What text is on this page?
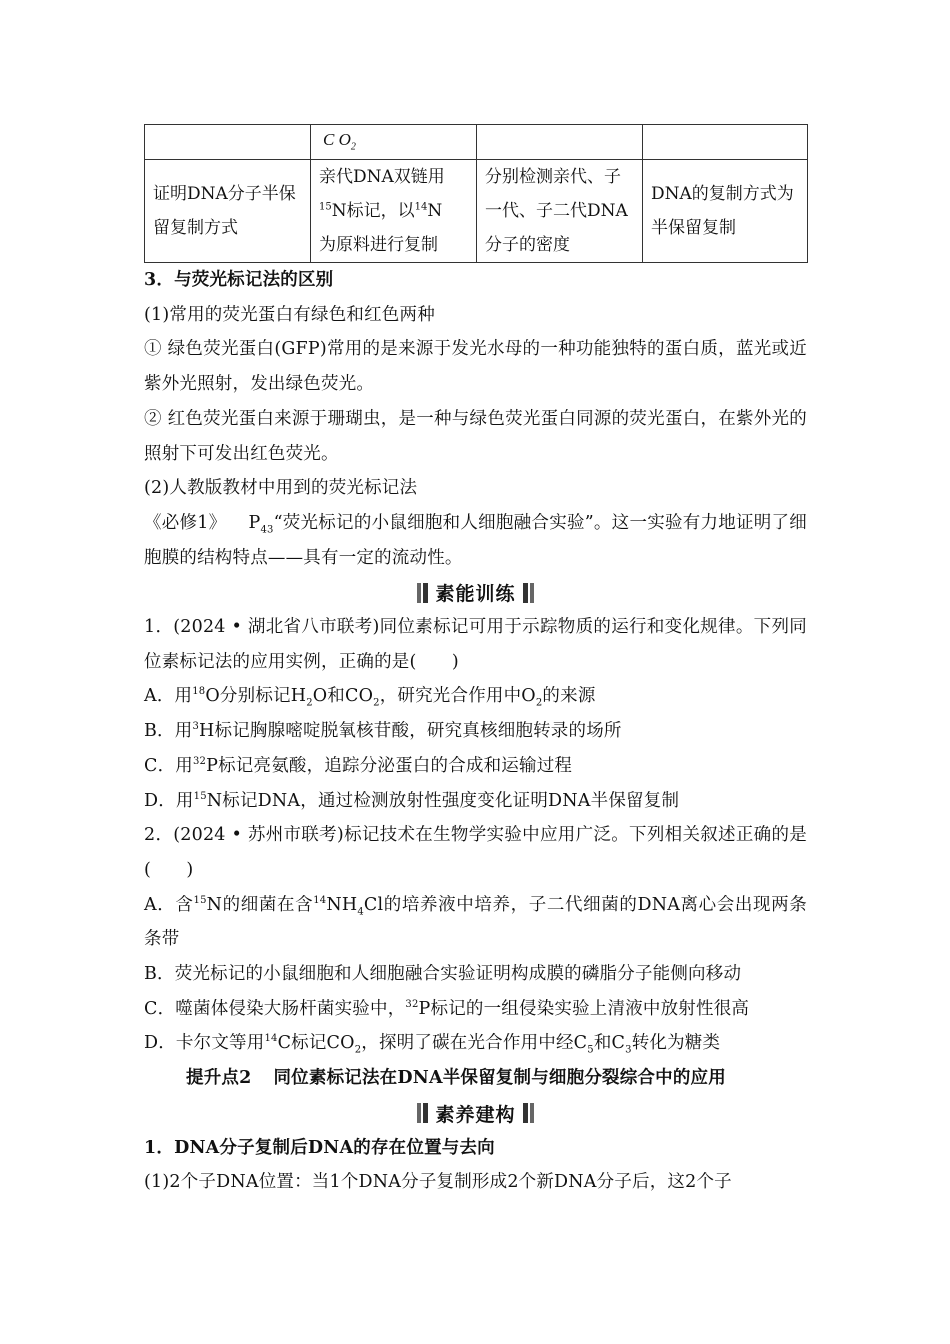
	C $O_2$		
证明DNA分子半保留复制方式	亲代DNA双链用
$^{15}$N标记，以$^{14}$N
为原料进行复制	分别检测亲代、子一代、子二代DNA分子的密度	DNA的复制方式为半保留复制

3．与荧光标记法的区别

(1)常用的荧光蛋白有绿色和红色两种

① 绿色荧光蛋白(GFP)常用的是来源于发光水母的一种功能独特的蛋白质，蓝光或近紫外光照射，发出绿色荧光。

② 红色荧光蛋白来源于珊瑚虫，是一种与绿色荧光蛋白同源的荧光蛋白，在紫外光的照射下可发出红色荧光。

(2)人教版教材中用到的荧光标记法

《必修1》 $P_{43}“$荧光标记的小鼠细胞和人细胞融合实验”。这一实验有力地证明了细胞膜的结构特点——具有一定的流动性。

素能训练

1．(2024 • 湖北省八市联考)同位素标记可用于示踪物质的运行和变化规律。下列同位素标记法的应用实例，正确的是(　　)

A．用$^{18}$O分别标记$H_2O$和$CO_2$，研究光合作用中$O_2$的来源

B．用$^3$H标记胸腺嘧啶脱氧核苷酸，研究真核细胞转录的场所

C．用$^{32}$P标记亮氨酸，追踪分泌蛋白的合成和运输过程

D．用$^{15}$N标记DNA，通过检测放射性强度变化证明DNA半保留复制

2．(2024 • 苏州市联考)标记技术在生物学实验中应用广泛。下列相关叙述正确的是(　　)

A．含$^{15}$N的细菌在含$^{14}NH_4Cl$的培养液中培养，子二代细菌的DNA离心会出现两条条带

B．荧光标记的小鼠细胞和人细胞融合实验证明构成膜的磷脂分子能侧向移动

C．噬菌体侵染大肠杆菌实验中，$^{32}$P标记的一组侵染实验上清液中放射性很高

D．卡尔文等用$^{14}$C标记$CO_2$，探明了碳在光合作用中经$C_5$和$C_3$转化为糖类

提升点2 同位素标记法在DNA半保留复制与细胞分裂综合中的应用

素养建构

1．DNA分子复制后DNA的存在位置与去向

(1)2个子DNA位置：当1个DNA分子复制形成2个新DNA分子后，这2个子
